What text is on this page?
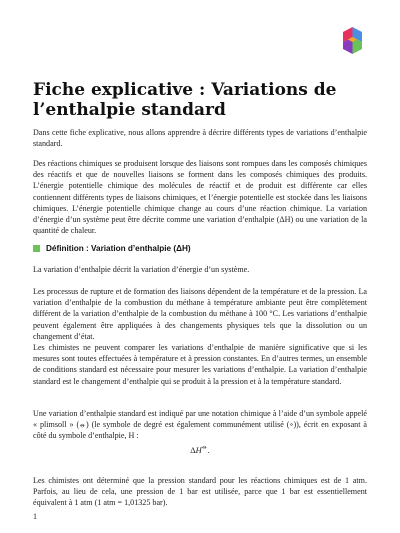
Fiche explicative : Variations de l’enthalpie standard

Dans cette fiche explicative, nous allons apprendre à décrire différents types de variations d’enthalpie standard.

Des réactions chimiques se produisent lorsque des liaisons sont rompues dans les composés chimiques des réactifs et que de nouvelles liaisons se forment dans les composés chimiques des produits. L’énergie potentielle chimique des molécules de réactif et de produit est différente car elles contiennent différents types de liaisons chimiques, et l’énergie potentielle est stockée dans les liaisons chimiques. L’énergie potentielle chimique change au cours d’une réaction chimique. La variation d’énergie d’un système peut être décrite comme une variation d’enthalpie (ΔH) ou une variation de la quantité de chaleur.

Définition : Variation d’enthalpie (ΔH)

La variation d’enthalpie décrit la variation d’énergie d’un système.

Les processus de rupture et de formation des liaisons dépendent de la température et de la pression. La variation d’enthalpie de la combustion du méthane à température ambiante peut être complètement différent de la variation d’enthalpie de la combustion du méthane à 100 °C. Les variations d’enthalpie peuvent également être appliquées à des changements physiques tels que la dissolution ou un changement d’état.

Les chimistes ne peuvent comparer les variations d’enthalpie de manière significative que si les mesures sont toutes effectuées à température et à pression constantes. En d’autres termes, un ensemble de conditions standard est nécessaire pour mesurer les variations d’enthalpie. La variation d’enthalpie standard est le changement d’enthalpie qui se produit à la pression et à la température standard.

Une variation d’enthalpie standard est indiqué par une notation chimique à l’aide d’un symbole appelé « plimsoll » (⦵) (le symbole de degré est également communément utilisé (∘)), écrit en exposant à côté du symbole d’enthalpie, H :

ΔH⦵.

Les chimistes ont déterminé que la pression standard pour les réactions chimiques est de 1 atm. Parfois, au lieu de cela, une pression de 1 bar est utilisée, parce que 1 bar est essentiellement équivalent à 1 atm (1 atm = 1,01325 bar).

1
